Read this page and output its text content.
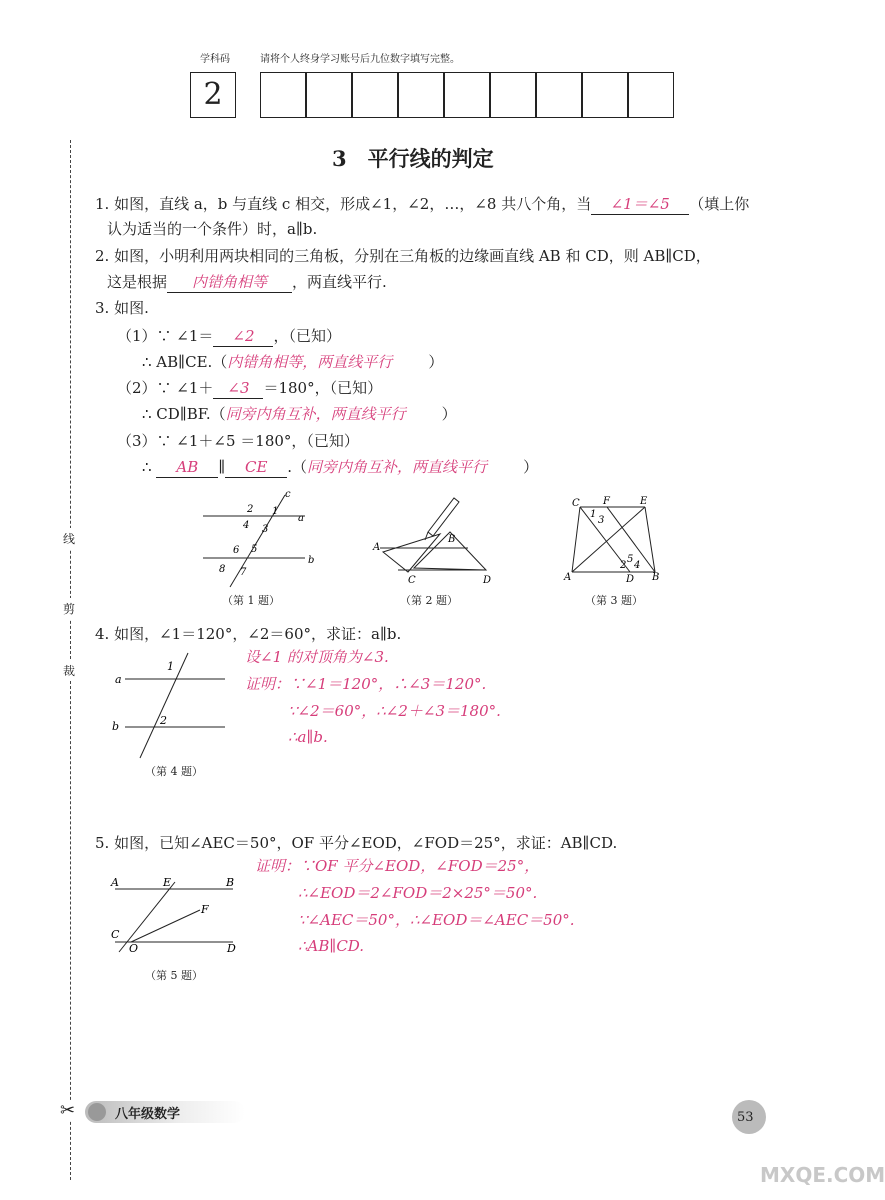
学科码	请将个人终身学习账号后九位数字填写完整。
2
3　平行线的判定
线
剪
裁
✂
1. 如图，直线 a，b 与直线 c 相交，形成∠1，∠2，…，∠8 共八个角，当 ∠1＝∠5 （填上你
认为适当的一个条件）时，a∥b.
2. 如图，小明利用两块相同的三角板，分别在三角板的边缘画直线 AB 和 CD，则 AB∥CD，
这是根据 内错角相等 ，两直线平行.
3. 如图.
（1）∵ ∠1＝ ∠2 ，（已知）
∴ AB∥CE.（内错角相等，两直线平行 ）
（2）∵ ∠1＋ ∠3 ＝180°，（已知）
∴ CD∥BF.（同旁内角互补，两直线平行 ）
（3）∵ ∠1＋∠5 ＝180°，（已知）
∴ AB ∥ CE .（同旁内角互补，两直线平行 ）
c
a
b
2 1
4 3
6 5
8 7
（第 1 题）
A
B
C	D
（第 2 题）
C F	E
A	D B
1
3
2
5
4
（第 3 题）
4. 如图，∠1＝120°，∠2＝60°，求证：a∥b.
a
b
1
2
（第 4 题）
设∠1 的对顶角为∠3.
证明：∵∠1＝120°，∴∠3＝120°.
∵∠2＝60°，∴∠2＋∠3＝180°.
∴a∥b.
5. 如图，已知∠AEC＝50°，OF 平分∠EOD，∠FOD＝25°，求证：AB∥CD.
A	E	B
F
C
O	D
（第 5 题）
证明：∵OF 平分∠EOD，∠FOD＝25°，
∴∠EOD＝2∠FOD＝2×25°＝50°.
∵∠AEC＝50°，∴∠EOD＝∠AEC＝50°.
∴AB∥CD.
八年级数学	53
MXQE.COM
